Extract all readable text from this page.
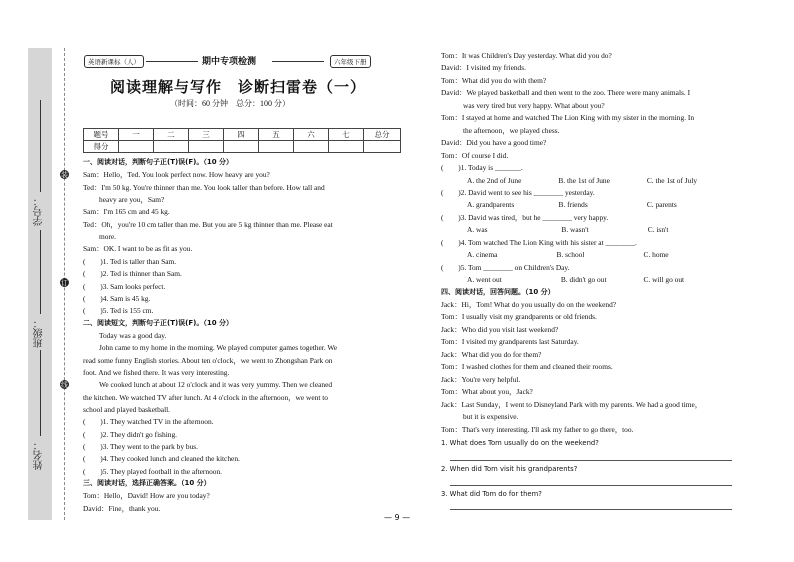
学号：
班级：
姓名：
装
订
线
英语新课标（人）	期中专项检测	六年级下册
阅读理解与写作　诊断扫雷卷（一）
（时间：60 分钟　总分：100 分）
题号	一	二	三	四	五	六	七	总分
得分								
一、阅读对话，判断句子正(T)误(F)。（10 分）
Sam：Hello，Ted. You look perfect now. How heavy are you?
Ted：I'm 50 kg. You're thinner than me. You look taller than before. How tall and
heavy are you，Sam?
Sam：I'm 165 cm and 45 kg.
Ted：Oh，you're 10 cm taller than me. But you are 5 kg thinner than me. Please eat
more.
Sam：OK. I want to be as fit as you.
(　　)1. Ted is taller than Sam.
(　　)2. Ted is thinner than Sam.
(　　)3. Sam looks perfect.
(　　)4. Sam is 45 kg.
(　　)5. Ted is 155 cm.
二、阅读短文，判断句子正(T)误(F)。（10 分）
Today was a good day.
John came to my home in the morning. We played computer games together. We
read some funny English stories. About ten o'clock，we went to Zhongshan Park on
foot. And we fished there. It was very interesting.
We cooked lunch at about 12 o'clock and it was very yummy. Then we cleaned
the kitchen. We watched TV after lunch. At 4 o'clock in the afternoon，we went to
school and played basketball.
(　　)1. They watched TV in the afternoon.
(　　)2. They didn't go fishing.
(　　)3. They went to the park by bus.
(　　)4. They cooked lunch and cleaned the kitchen.
(　　)5. They played football in the afternoon.
三、阅读对话，选择正确答案。（10 分）
Tom：Hello，David! How are you today?
David：Fine，thank you.
Tom：It was Children's Day yesterday. What did you do?
David：I visited my friends.
Tom：What did you do with them?
David：We played basketball and then went to the zoo. There were many animals. I
was very tired but very happy. What about you?
Tom：I stayed at home and watched The Lion King with my sister in the morning. In
the afternoon，we played chess.
David：Did you have a good time?
Tom：Of course I did.
(　　)1. Today is _______.
A. the 2nd of June　　　　　B. the 1st of June　　　　　C. the 1st of July
(　　)2. David went to see his ________ yesterday.
A. grandparents　　　　　　B. friends　　　　　　　　C. parents
(　　)3. David was tired，but he ________ very happy.
A. was　　　　　　　　　　B. wasn't　　　　　　　　C. isn't
(　　)4. Tom watched The Lion King with his sister at ________.
A. cinema　　　　　　　　B. school　　　　　　　　C. home
(　　)5. Tom ________ on Children's Day.
A. went out　　　　　　　　B. didn't go out　　　　　C. will go out
四、阅读对话，回答问题。（10 分）
Jack：Hi，Tom! What do you usually do on the weekend?
Tom：I usually visit my grandparents or old friends.
Jack：Who did you visit last weekend?
Tom：I visited my grandparents last Saturday.
Jack：What did you do for them?
Tom：I washed clothes for them and cleaned their rooms.
Jack：You're very helpful.
Tom：What about you，Jack?
Jack：Last Sunday，I went to Disneyland Park with my parents. We had a good time，
but it is expensive.
Tom：That's very interesting. I'll ask my father to go there，too.
1. What does Tom usually do on the weekend?
2. When did Tom visit his grandparents?
3. What did Tom do for them?
— 9 —
